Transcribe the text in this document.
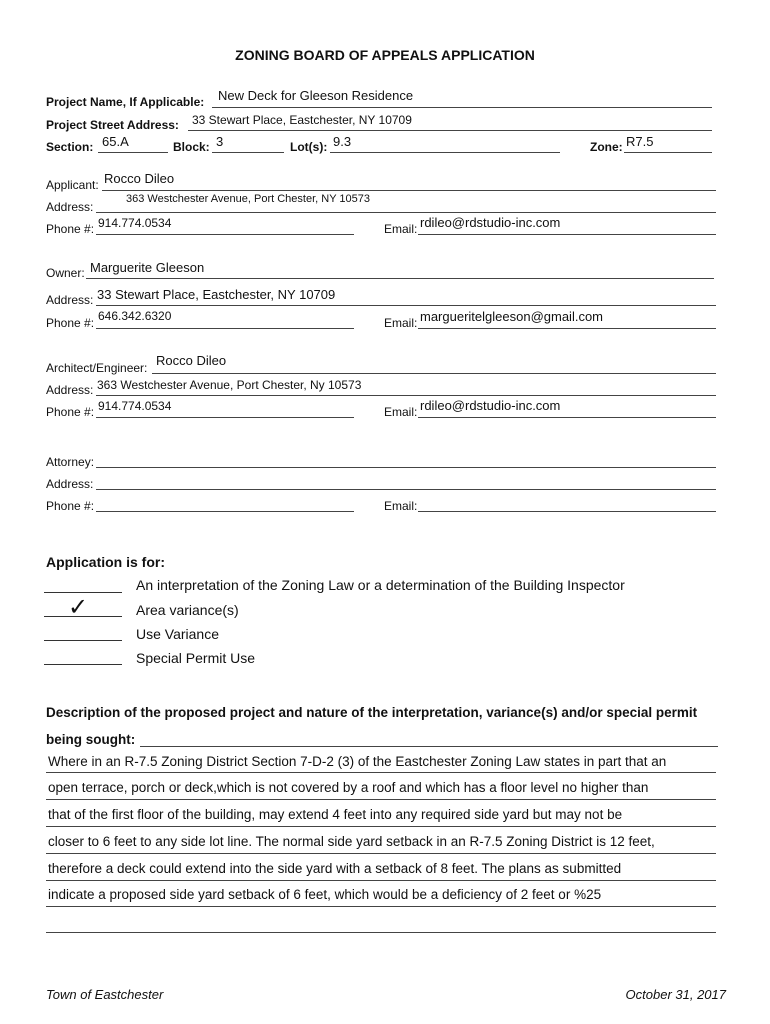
ZONING BOARD OF APPEALS APPLICATION
Project Name, If Applicable: New Deck for Gleeson Residence
Project Street Address: 33 Stewart Place, Eastchester, NY 10709
Section: 65.A	Block: 3	Lot(s): 9.3	Zone: R7.5
Applicant: Rocco Dileo
Address:
363 Westchester Avenue, Port Chester, NY 10573
Phone #: 914.774.0534	Email: rdileo@rdstudio-inc.com
Owner: Marguerite Gleeson
Address: 33 Stewart Place, Eastchester, NY 10709
Phone #: 646.342.6320	Email: margueritelgleeson@gmail.com
Architect/Engineer: Rocco Dileo
Address: 363 Westchester Avenue, Port Chester, Ny 10573
Phone #: 914.774.0534	Email: rdileo@rdstudio-inc.com
Attorney:
Address:
Phone #:	Email:
Application is for:
An interpretation of the Zoning Law or a determination of the Building Inspector
✓	Area variance(s)
Use Variance
Special Permit Use
Description of the proposed project and nature of the interpretation, variance(s) and/or special permit
being sought:
Where in an R-7.5 Zoning District Section 7-D-2 (3) of the Eastchester Zoning Law states in part that an
open terrace, porch or deck,which is not covered by a roof and which has a floor level no higher than
that of the first floor of the building, may extend 4 feet into any required side yard but may not be
closer to 6 feet to any side lot line. The normal side yard setback in an R-7.5 Zoning District is 12 feet,
therefore a deck could extend into the side yard with a setback of 8 feet. The plans as submitted
indicate a proposed side yard setback of 6 feet, which would be a deficiency of 2 feet or %25
Town of Eastchester	October 31, 2017
